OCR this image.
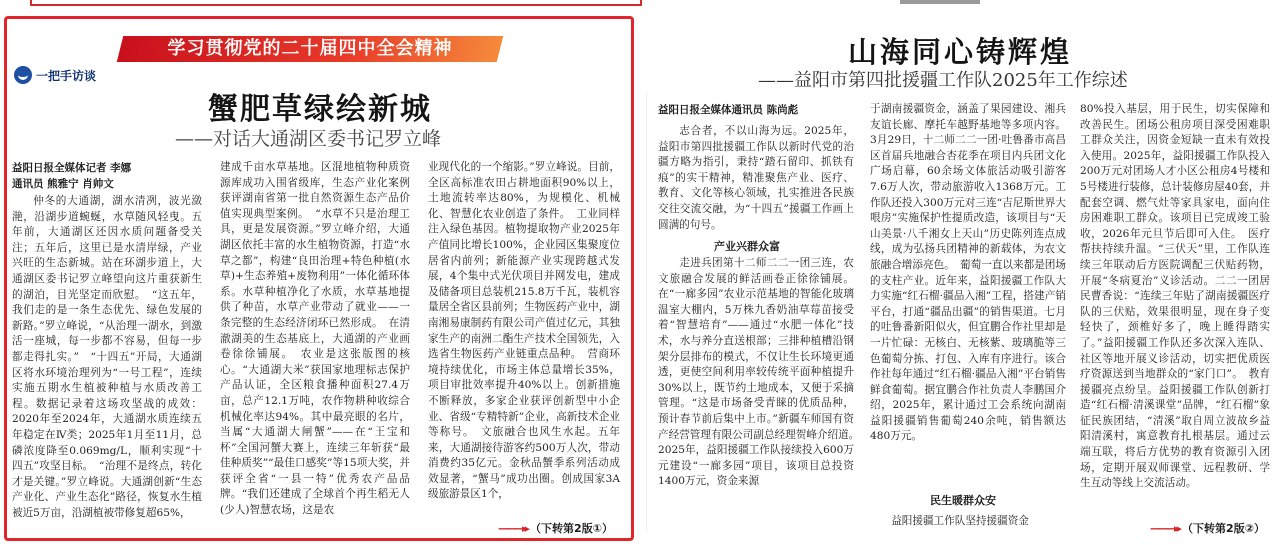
学习贯彻党的二十届四中全会精神
一把手访谈
蟹肥草绿绘新城
——对话大通湖区委书记罗立峰
益阳日报全媒体记者 李娜
通讯员 熊雅宁 肖帅文

仲冬的大通湖，湖水清冽，波光潋滟，沿湖步道蜿蜒，水草随风轻曳。五年前，大通湖区还因水质问题备受关注；五年后，这里已是水清岸绿，产业兴旺的生态新城。站在环湖步道上，大通湖区委书记罗立峰望向这片重获新生的湖泊，目光坚定而欣慰。　“这五年，我们走的是一条生态优先、绿色发展的新路。”罗立峰说，“从治理一湖水，到激活一座城，每一步都不容易，但每一步都走得扎实。”　“十四五”开局，大通湖区将水环境治理列为“一号工程”，连续实施五期水生植被种植与水质改善工程。数据记录着这场攻坚战的成效：2020年至2024年，大通湖水质连续五年稳定在Ⅳ类；2025年1月至11月，总磷浓度降至0.069mg/L，顺利实现“十四五”攻坚目标。　“治理不是终点，转化才是关键。”罗立峰说。大通湖创新“生态产业化、产业生态化”路径，恢复水生植被近5万亩，沿湖植被带修复超65%，

建成千亩水草基地。区混地植物种质资源库成功入围省级库，生态产业化案例获评湖南省第一批自然资源生态产品价值实现典型案例。　“水草不只是治理工具，更是发展资源。”罗立峰介绍，大通湖区依托丰富的水生植物资源，打造“水草之都”，构建“良田治理+特色种植(水草)+生态养殖+废物利用”一体化循环体系。水草种植净化了水质，水草基地提供了种苗，水草产业带动了就业——一条完整的生态经济闭环已然形成。　在清澈湖美的生态基底上，大通湖的产业画卷徐徐铺展。　农业是这张版图的核心。“大通湖大米”获国家地理标志保护产品认证，全区粮食播种面积27.4万亩，总产12.1万吨，农作物耕种收综合机械化率达94%。其中最亮眼的名片，当属“大通湖大闸蟹”——在“王宝和杯”全国河蟹大赛上，连续三年斩获“最佳种质奖”“最佳口感奖”等15项大奖，并获评全省“一县一特”优秀农产品品牌。“我们还建成了全球首个再生稻无人(少人)智慧农场，这是农

业现代化的一个缩影。”罗立峰说。目前，全区高标准农田占耕地面积90%以上，土地流转率达80%，为规模化、机械化、智慧化农业创造了条件。　工业同样注入绿色基因。植物提取物产业2025年产值同比增长100%，企业园区集聚度位居省内前列；新能源产业实现跨越式发展，4个集中式光伏项目并网发电，建成及储备项目总装机215.8万千瓦，装机容量居全省区县前列；生物医药产业中，湖南湘易康制药有限公司产值过亿元，其独家生产的南洲二酯生产技术全国领先，入选省生物医药产业链重点品种。　营商环境持续优化，市场主体总量增长35%，项目审批效率提升40%以上。创新措施不断释放，多家企业获评创新型中小企业、省级“专精特新”企业，高新技术企业等称号。　文旅融合也风生水起。五年来，大通湖接待游客约500万人次，带动消费约35亿元。金秋品蟹季系列活动成效显著，“蟹马”成功出圈。创成国家3A级旅游景区1个，

———▸▸ （下转第2版①）
山海同心铸辉煌
——益阳市第四批援疆工作队2025年工作综述
益阳日报全媒体通讯员 陈尚彪

志合者，不以山海为远。2025年，益阳市第四批援疆工作队以新时代党的治疆方略为指引，秉持“踏石留印、抓铁有痕”的实干精神，精准聚焦产业、医疗、教育、文化等核心领域，扎实推进各民族交往交流交融，为“十四五”援疆工作画上圆满的句号。

产业兴群众富

走进兵团第十二师二二一团三连，农文旅融合发展的鲜活画卷正徐徐铺展。在“一廊多园”农业示范基地的智能化玻璃温室大棚内，5万株九香奶油草莓苗接受着“智慧培育”——通过“水肥一体化”技术，水与养分直送根部；三排种植槽沿钢架分层排布的模式，不仅让生长环境更通透，更使空间利用率较传统平面种植提升30%以上，既节约土地成本，又便于采摘管理。“这是市场备受青睐的优质品种，预计春节前后集中上市。”新疆车师国有资产经营管理有限公司副总经理贺峰介绍道。　2025年，益阳援疆工作队接续投入600万元建设“一廊多园”项目，该项目总投资1400万元，资金来源

于湖南援疆资金，涵盖了果园建设、湘兵友谊长廊、摩托车越野基地等多项内容。3月29日，十二师二二一团·吐鲁番市高昌区首届兵地融合杏花季在项目内兵团文化广场启幕，60余场文体旅活动吸引游客7.6万人次，带动旅游收入1368万元。工作队还投入300万元对三连“吉尼斯世界大哏房”实施保护性提质改造，该项目与“天山美景·八千湘女上天山”历史陈列连点成线，成为弘扬兵团精神的新载体，为农文旅融合增添亮色。　葡萄一直以来都是团场的支柱产业。近年来，益阳援疆工作队大力实施“红石榴·疆品入湘”工程，搭建产销平台，打通“疆品出疆”的销售渠道。七月的吐鲁番新阳似火，但宜鹏合作社里却是一片忙碌：无核白、无核紫、玻璃脆等三色葡萄分拣、打包、入库有序进行。该合作社每年通过“红石榴·疆品入湘”平台销售鲜食葡萄。据宜鹏合作社负责人李鹏国介绍，2025年，累计通过工会系统向湖南益阳援疆销售葡萄240余吨，销售额达480万元。

民生暖群众安

益阳援疆工作队坚持援疆资金

80%投入基层，用于民生，切实保障和改善民生。团场公租房项目深受困难职工群众关注，因资金短缺一直未有效投入使用。2025年，益阳援疆工作队投入200万元对团场人才小区公租房4号楼和5号楼进行装修，总计装修房屋40套，并配套空调、燃气灶等家具家电，面向住房困难职工群众。该项目已完成竣工验收，2026年元旦节后即可入住。　医疗帮扶持续升温。“三伏天”里，工作队连续三年联动后方医院调配三伏贴药物，开展“冬病夏治”义诊活动。二二一团居民曹香说：“连续三年贴了湖南援疆医疗队的三伏贴，效果很明显，现在身子变轻快了，颈椎好多了，晚上睡得踏实了。”益阳援疆工作队还多次深入连队、社区等地开展义诊活动，切实把优质医疗资源送到当地群众的“家门口”。　教育援疆亮点纷呈。益阳援疆工作队创新打造“红石榴·清溪课堂”品牌，“红石榴”象征民族团结，“清溪”取自周立波故乡益阳清溪村，寓意教育扎根基层。通过云端互联，将后方优势的教育资源引入团场，定期开展双师课堂、远程教研、学生互动等线上交流活动。

———▸▸ （下转第2版②）
